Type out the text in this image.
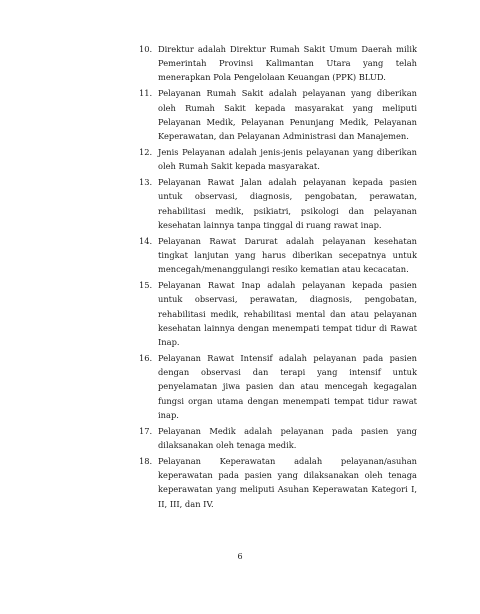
10. Direktur adalah Direktur Rumah Sakit Umum Daerah milik Pemerintah Provinsi Kalimantan Utara yang telah menerapkan Pola Pengelolaan Keuangan (PPK) BLUD.
11. Pelayanan Rumah Sakit adalah pelayanan yang diberikan oleh Rumah Sakit kepada masyarakat yang meliputi Pelayanan Medik, Pelayanan Penunjang Medik, Pelayanan Keperawatan, dan Pelayanan Administrasi dan Manajemen.
12. Jenis Pelayanan adalah jenis-jenis pelayanan yang diberikan oleh Rumah Sakit kepada masyarakat.
13. Pelayanan Rawat Jalan adalah pelayanan kepada pasien untuk observasi, diagnosis, pengobatan, perawatan, rehabilitasi medik, psikiatri, psikologi dan pelayanan kesehatan lainnya tanpa tinggal di ruang rawat inap.
14. Pelayanan Rawat Darurat adalah pelayanan kesehatan tingkat lanjutan yang harus diberikan secepatnya untuk mencegah/menanggulangi resiko kematian atau kecacatan.
15. Pelayanan Rawat Inap adalah pelayanan kepada pasien untuk observasi, perawatan, diagnosis, pengobatan, rehabilitasi medik, rehabilitasi mental dan atau pelayanan kesehatan lainnya dengan menempati tempat tidur di Rawat Inap.
16. Pelayanan Rawat Intensif adalah pelayanan pada pasien dengan observasi dan terapi yang intensif untuk penyelamatan jiwa pasien dan atau mencegah kegagalan fungsi organ utama dengan menempati tempat tidur rawat inap.
17. Pelayanan Medik adalah pelayanan pada pasien yang dilaksanakan oleh tenaga medik.
18. Pelayanan Keperawatan adalah pelayanan/asuhan keperawatan pada pasien yang dilaksanakan oleh tenaga keperawatan yang meliputi Asuhan Keperawatan Kategori I, II, III, dan IV.
6
